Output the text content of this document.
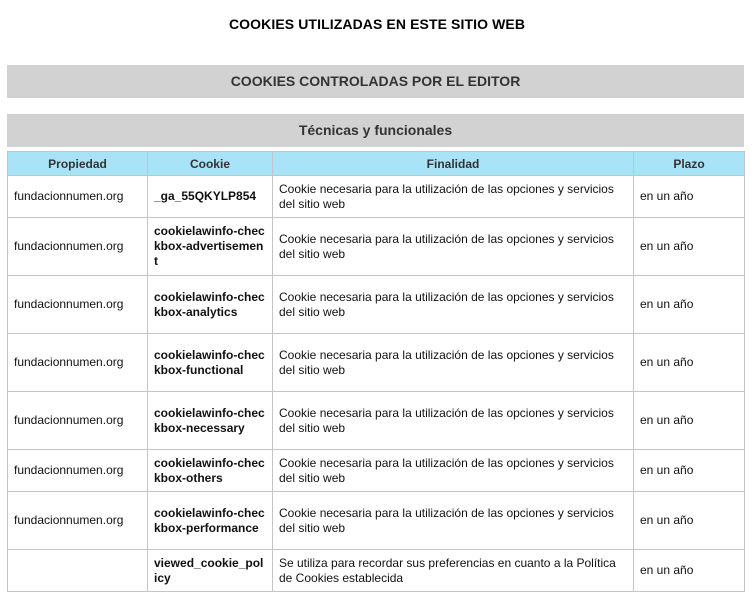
COOKIES UTILIZADAS EN ESTE SITIO WEB
COOKIES CONTROLADAS POR EL EDITOR
Técnicas y funcionales
Propiedad	Cookie	Finalidad	Plazo
fundacionnumen.org	_ga_55QKYLP854	Cookie necesaria para la utilización de las opciones y servicios del sitio web	en un año
fundacionnumen.org	cookielawinfo-checkbox-advertisement	Cookie necesaria para la utilización de las opciones y servicios del sitio web	en un año
fundacionnumen.org	cookielawinfo-checkbox-analytics	Cookie necesaria para la utilización de las opciones y servicios del sitio web	en un año
fundacionnumen.org	cookielawinfo-checkbox-functional	Cookie necesaria para la utilización de las opciones y servicios del sitio web	en un año
fundacionnumen.org	cookielawinfo-checkbox-necessary	Cookie necesaria para la utilización de las opciones y servicios del sitio web	en un año
fundacionnumen.org	cookielawinfo-checkbox-others	Cookie necesaria para la utilización de las opciones y servicios del sitio web	en un año
fundacionnumen.org	cookielawinfo-checkbox-performance	Cookie necesaria para la utilización de las opciones y servicios del sitio web	en un año
	viewed_cookie_policy	Se utiliza para recordar sus preferencias en cuanto a la Política de Cookies establecida	en un año
